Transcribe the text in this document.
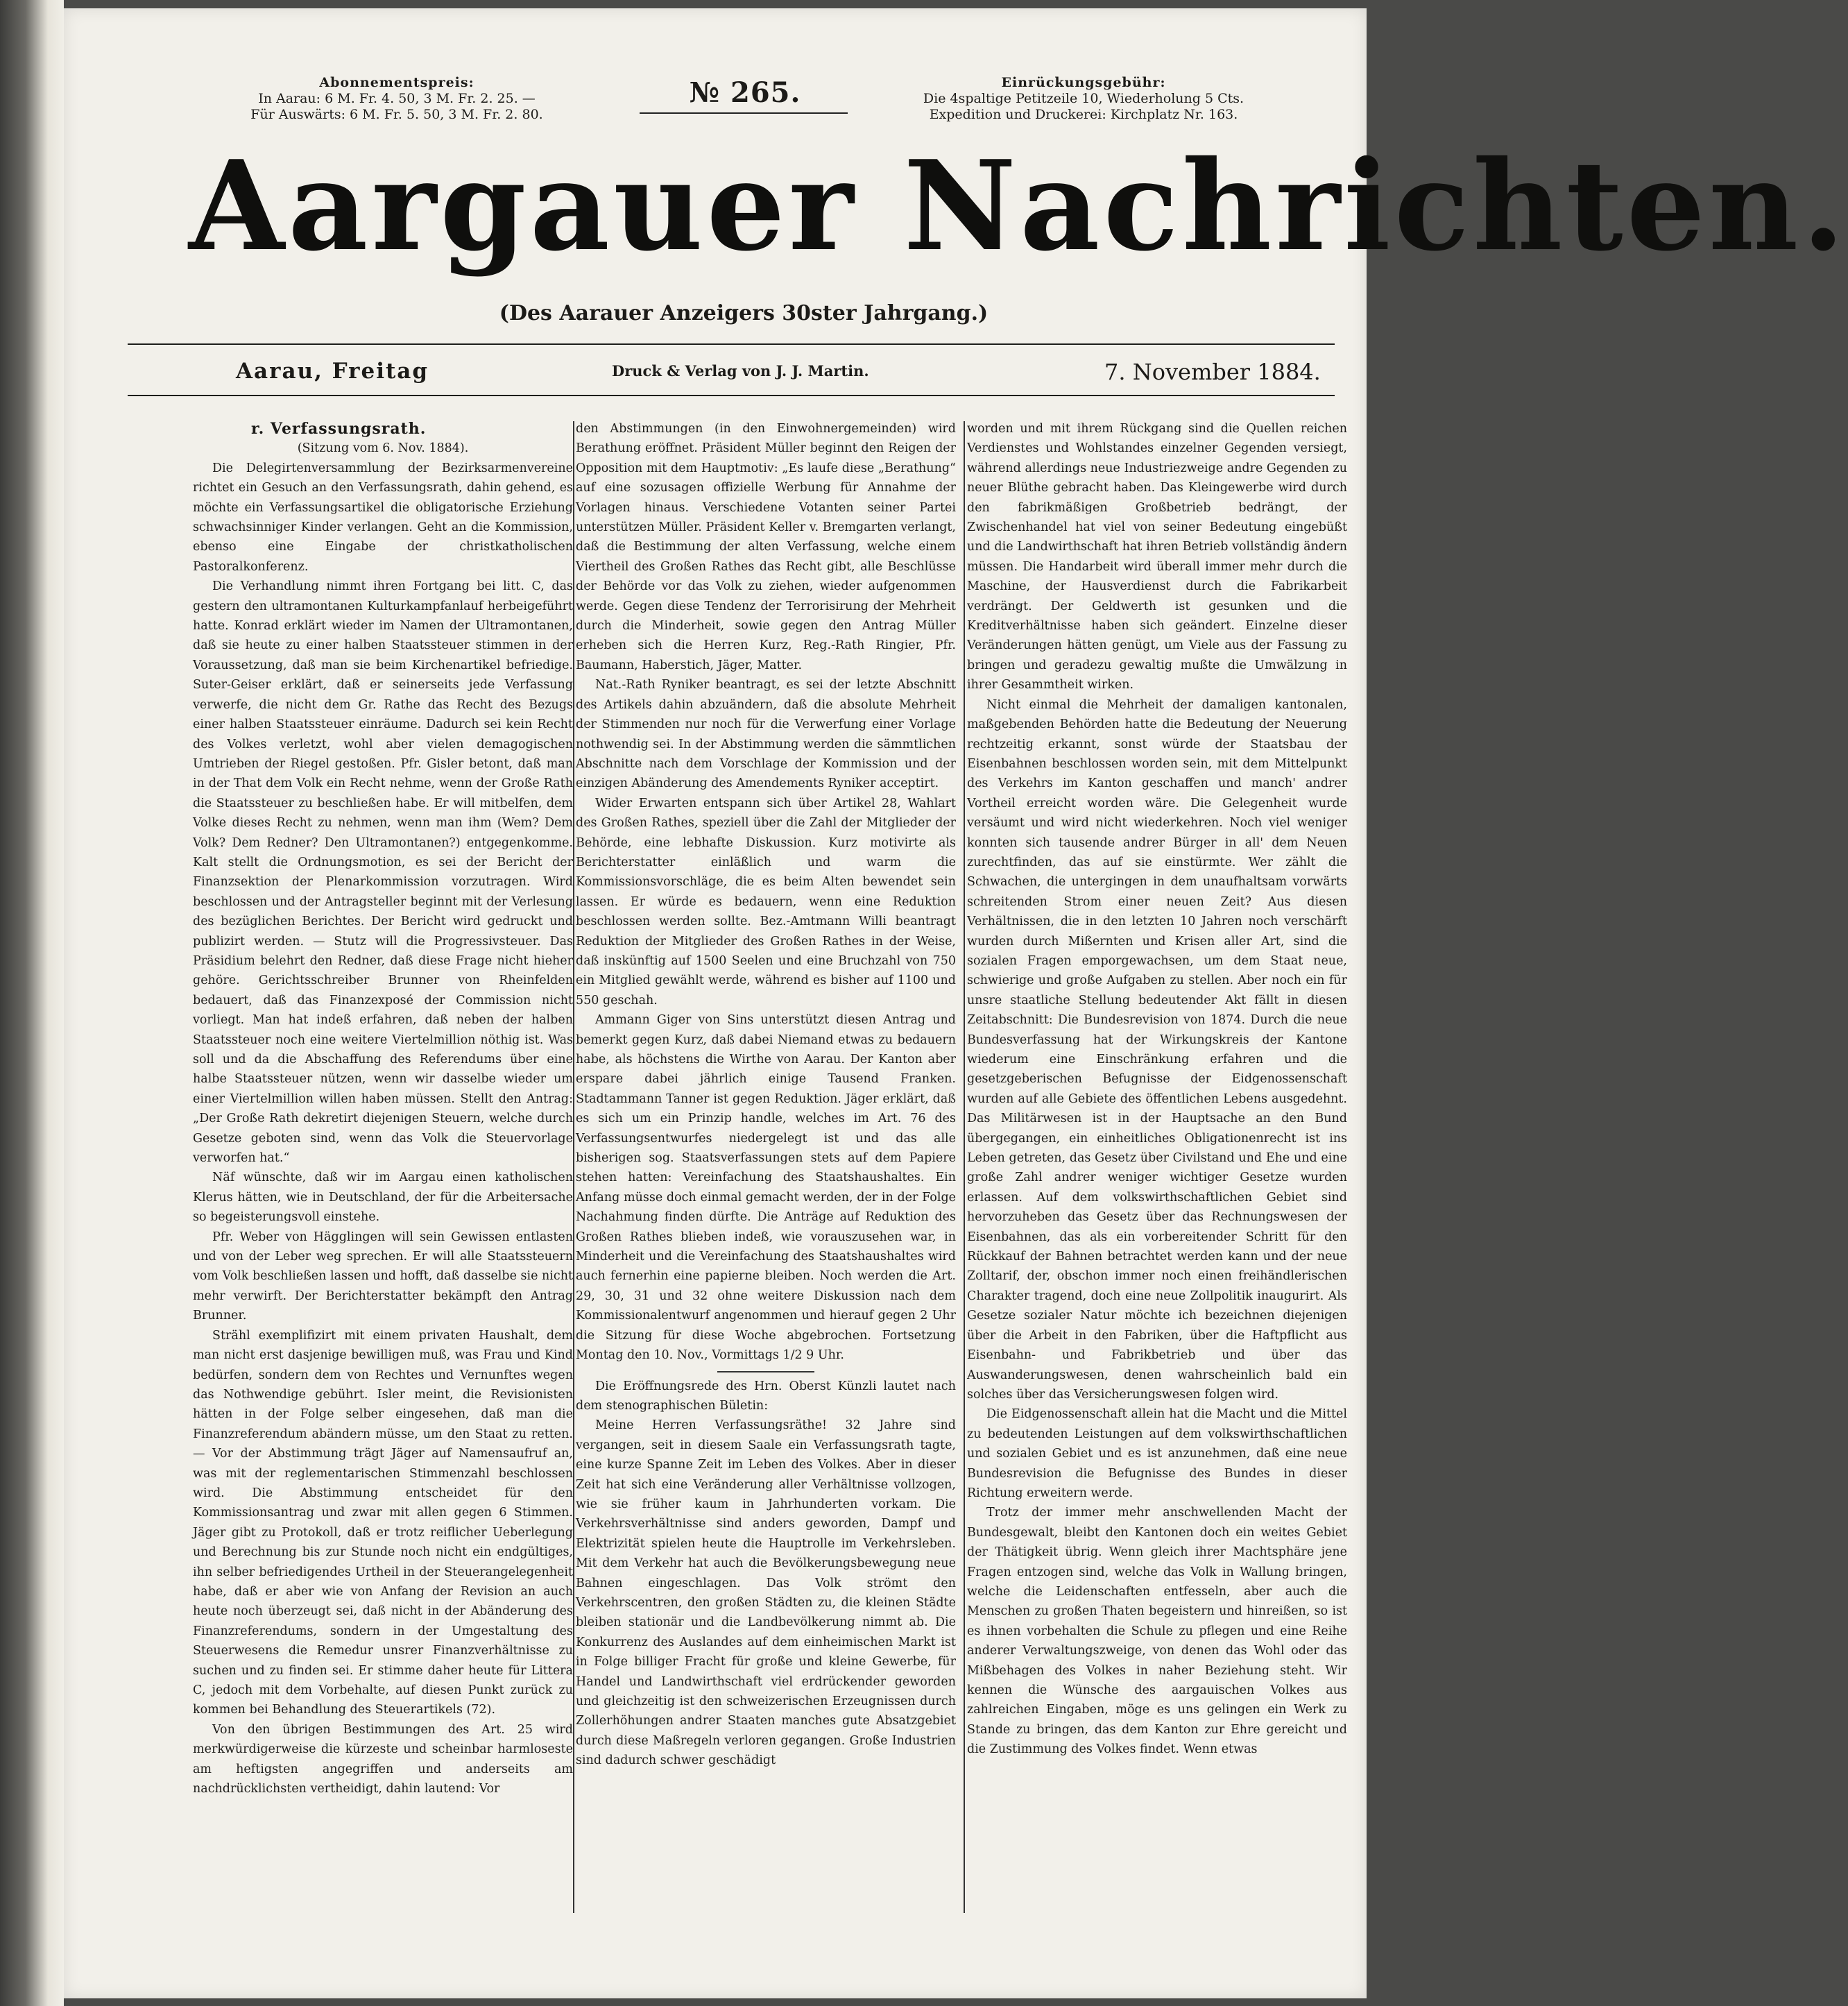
Abonnementspreis:
In Aarau: 6 M. Fr. 4. 50, 3 M. Fr. 2. 25. —
Für Auswärts: 6 M. Fr. 5. 50, 3 M. Fr. 2. 80.
№ 265.	Einrückungsgebühr:
Die 4spaltige Petitzeile 10, Wiederholung 5 Cts.
Expedition und Druckerei: Kirchplatz Nr. 163.
Aargauer Nachrichten.
(Des Aarauer Anzeigers 30ster Jahrgang.)
Aarau, Freitag	Druck & Verlag von J. J. Martin.	7. November 1884.

r. Verfassungsrath.

(Sitzung vom 6. Nov. 1884).

Die Delegirtenversammlung der Bezirksarmenvereine richtet ein Gesuch an den Verfassungsrath, dahin gehend, es möchte ein Verfassungsartikel die obligatorische Erziehung schwachsinniger Kinder verlangen. Geht an die Kommission, ebenso eine Eingabe der christkatholischen Pastoralkonferenz.

Die Verhandlung nimmt ihren Fortgang bei litt. C, das gestern den ultramontanen Kulturkampfanlauf herbeigeführt hatte. Konrad erklärt wieder im Namen der Ultramontanen, daß sie heute zu einer halben Staatssteuer stimmen in der Voraussetzung, daß man sie beim Kirchenartikel befriedige. Suter-Geiser erklärt, daß er seinerseits jede Verfassung verwerfe, die nicht dem Gr. Rathe das Recht des Bezugs einer halben Staatssteuer einräume. Dadurch sei kein Recht des Volkes verletzt, wohl aber vielen demagogischen Umtrieben der Riegel gestoßen. Pfr. Gisler betont, daß man in der That dem Volk ein Recht nehme, wenn der Große Rath die Staatssteuer zu beschließen habe. Er will mitbelfen, dem Volke dieses Recht zu nehmen, wenn man ihm (Wem? Dem Volk? Dem Redner? Den Ultramontanen?) entgegenkomme. Kalt stellt die Ordnungsmotion, es sei der Bericht der Finanzsektion der Plenarkommission vorzutragen. Wird beschlossen und der Antragsteller beginnt mit der Verlesung des bezüglichen Berichtes. Der Bericht wird gedruckt und publizirt werden. — Stutz will die Progressivsteuer. Das Präsidium belehrt den Redner, daß diese Frage nicht hieher gehöre. Gerichtsschreiber Brunner von Rheinfelden bedauert, daß das Finanzexposé der Commission nicht vorliegt. Man hat indeß erfahren, daß neben der halben Staatssteuer noch eine weitere Viertelmillion nöthig ist. Was soll und da die Abschaffung des Referendums über eine halbe Staatssteuer nützen, wenn wir dasselbe wieder um einer Viertelmillion willen haben müssen. Stellt den Antrag: „Der Große Rath dekretirt diejenigen Steuern, welche durch Gesetze geboten sind, wenn das Volk die Steuervorlage verworfen hat.“

Näf wünschte, daß wir im Aargau einen katholischen Klerus hätten, wie in Deutschland, der für die Arbeitersache so begeisterungsvoll einstehe.

Pfr. Weber von Hägglingen will sein Gewissen entlasten und von der Leber weg sprechen. Er will alle Staatssteuern vom Volk beschließen lassen und hofft, daß dasselbe sie nicht mehr verwirft. Der Berichterstatter bekämpft den Antrag Brunner.

Strähl exemplifizirt mit einem privaten Haushalt, dem man nicht erst dasjenige bewilligen muß, was Frau und Kind bedürfen, sondern dem von Rechtes und Vernunftes wegen das Nothwendige gebührt. Isler meint, die Revisionisten hätten in der Folge selber eingesehen, daß man die Finanzreferendum abändern müsse, um den Staat zu retten. — Vor der Abstimmung trägt Jäger auf Namensaufruf an, was mit der reglementarischen Stimmenzahl beschlossen wird. Die Abstimmung entscheidet für den Kommissionsantrag und zwar mit allen gegen 6 Stimmen. Jäger gibt zu Protokoll, daß er trotz reiflicher Ueberlegung und Berechnung bis zur Stunde noch nicht ein endgültiges, ihn selber befriedigendes Urtheil in der Steuerangelegenheit habe, daß er aber wie von Anfang der Revision an auch heute noch überzeugt sei, daß nicht in der Abänderung des Finanzreferendums, sondern in der Umgestaltung des Steuerwesens die Remedur unsrer Finanzverhältnisse zu suchen und zu finden sei. Er stimme daher heute für Littera C, jedoch mit dem Vorbehalte, auf diesen Punkt zurück zu kommen bei Behandlung des Steuerartikels (72).

Von den übrigen Bestimmungen des Art. 25 wird merkwürdigerweise die kürzeste und scheinbar harmloseste am heftigsten angegriffen und anderseits am nachdrücklichsten vertheidigt, dahin lautend: Vor

den Abstimmungen (in den Einwohnergemeinden) wird Berathung eröffnet. Präsident Müller beginnt den Reigen der Opposition mit dem Hauptmotiv: „Es laufe diese „Berathung“ auf eine sozusagen offizielle Werbung für Annahme der Vorlagen hinaus. Verschiedene Votanten seiner Partei unterstützen Müller. Präsident Keller v. Bremgarten verlangt, daß die Bestimmung der alten Verfassung, welche einem Viertheil des Großen Rathes das Recht gibt, alle Beschlüsse der Behörde vor das Volk zu ziehen, wieder aufgenommen werde. Gegen diese Tendenz der Terrorisirung der Mehrheit durch die Minderheit, sowie gegen den Antrag Müller erheben sich die Herren Kurz, Reg.-Rath Ringier, Pfr. Baumann, Haberstich, Jäger, Matter.

Nat.-Rath Ryniker beantragt, es sei der letzte Abschnitt des Artikels dahin abzuändern, daß die absolute Mehrheit der Stimmenden nur noch für die Verwerfung einer Vorlage nothwendig sei. In der Abstimmung werden die sämmtlichen Abschnitte nach dem Vorschlage der Kommission und der einzigen Abänderung des Amendements Ryniker acceptirt.

Wider Erwarten entspann sich über Artikel 28, Wahlart des Großen Rathes, speziell über die Zahl der Mitglieder der Behörde, eine lebhafte Diskussion. Kurz motivirte als Berichterstatter einläßlich und warm die Kommissionsvorschläge, die es beim Alten bewendet sein lassen. Er würde es bedauern, wenn eine Reduktion beschlossen werden sollte. Bez.-Amtmann Willi beantragt Reduktion der Mitglieder des Großen Rathes in der Weise, daß inskünftig auf 1500 Seelen und eine Bruchzahl von 750 ein Mitglied gewählt werde, während es bisher auf 1100 und 550 geschah.

Ammann Giger von Sins unterstützt diesen Antrag und bemerkt gegen Kurz, daß dabei Niemand etwas zu bedauern habe, als höchstens die Wirthe von Aarau. Der Kanton aber erspare dabei jährlich einige Tausend Franken. Stadtammann Tanner ist gegen Reduktion. Jäger erklärt, daß es sich um ein Prinzip handle, welches im Art. 76 des Verfassungsentwurfes niedergelegt ist und das alle bisherigen sog. Staatsverfassungen stets auf dem Papiere stehen hatten: Vereinfachung des Staatshaushaltes. Ein Anfang müsse doch einmal gemacht werden, der in der Folge Nachahmung finden dürfte. Die Anträge auf Reduktion des Großen Rathes blieben indeß, wie vorauszusehen war, in Minderheit und die Vereinfachung des Staatshaushaltes wird auch fernerhin eine papierne bleiben. Noch werden die Art. 29, 30, 31 und 32 ohne weitere Diskussion nach dem Kommissionalentwurf angenommen und hierauf gegen 2 Uhr die Sitzung für diese Woche abgebrochen. Fortsetzung Montag den 10. Nov., Vormittags 1/2 9 Uhr.

Die Eröffnungsrede des Hrn. Oberst Künzli lautet nach dem stenographischen Bületin:

Meine Herren Verfassungsräthe! 32 Jahre sind vergangen, seit in diesem Saale ein Verfassungsrath tagte, eine kurze Spanne Zeit im Leben des Volkes. Aber in dieser Zeit hat sich eine Veränderung aller Verhältnisse vollzogen, wie sie früher kaum in Jahrhunderten vorkam. Die Verkehrsverhältnisse sind anders geworden, Dampf und Elektrizität spielen heute die Hauptrolle im Verkehrsleben. Mit dem Verkehr hat auch die Bevölkerungsbewegung neue Bahnen eingeschlagen. Das Volk strömt den Verkehrscentren, den großen Städten zu, die kleinen Städte bleiben stationär und die Landbevölkerung nimmt ab. Die Konkurrenz des Auslandes auf dem einheimischen Markt ist in Folge billiger Fracht für große und kleine Gewerbe, für Handel und Landwirthschaft viel erdrückender geworden und gleichzeitig ist den schweizerischen Erzeugnissen durch Zollerhöhungen andrer Staaten manches gute Absatzgebiet durch diese Maßregeln verloren gegangen. Große Industrien sind dadurch schwer geschädigt

worden und mit ihrem Rückgang sind die Quellen reichen Verdienstes und Wohlstandes einzelner Gegenden versiegt, während allerdings neue Industriezweige andre Gegenden zu neuer Blüthe gebracht haben. Das Kleingewerbe wird durch den fabrikmäßigen Großbetrieb bedrängt, der Zwischenhandel hat viel von seiner Bedeutung eingebüßt und die Landwirthschaft hat ihren Betrieb vollständig ändern müssen. Die Handarbeit wird überall immer mehr durch die Maschine, der Hausverdienst durch die Fabrikarbeit verdrängt. Der Geldwerth ist gesunken und die Kreditverhältnisse haben sich geändert. Einzelne dieser Veränderungen hätten genügt, um Viele aus der Fassung zu bringen und geradezu gewaltig mußte die Umwälzung in ihrer Gesammtheit wirken.

Nicht einmal die Mehrheit der damaligen kantonalen, maßgebenden Behörden hatte die Bedeutung der Neuerung rechtzeitig erkannt, sonst würde der Staatsbau der Eisenbahnen beschlossen worden sein, mit dem Mittelpunkt des Verkehrs im Kanton geschaffen und manch' andrer Vortheil erreicht worden wäre. Die Gelegenheit wurde versäumt und wird nicht wiederkehren. Noch viel weniger konnten sich tausende andrer Bürger in all' dem Neuen zurechtfinden, das auf sie einstürmte. Wer zählt die Schwachen, die untergingen in dem unaufhaltsam vorwärts schreitenden Strom einer neuen Zeit? Aus diesen Verhältnissen, die in den letzten 10 Jahren noch verschärft wurden durch Mißernten und Krisen aller Art, sind die sozialen Fragen emporgewachsen, um dem Staat neue, schwierige und große Aufgaben zu stellen. Aber noch ein für unsre staatliche Stellung bedeutender Akt fällt in diesen Zeitabschnitt: Die Bundesrevision von 1874. Durch die neue Bundesverfassung hat der Wirkungskreis der Kantone wiederum eine Einschränkung erfahren und die gesetzgeberischen Befugnisse der Eidgenossenschaft wurden auf alle Gebiete des öffentlichen Lebens ausgedehnt. Das Militärwesen ist in der Hauptsache an den Bund übergegangen, ein einheitliches Obligationenrecht ist ins Leben getreten, das Gesetz über Civilstand und Ehe und eine große Zahl andrer weniger wichtiger Gesetze wurden erlassen. Auf dem volkswirthschaftlichen Gebiet sind hervorzuheben das Gesetz über das Rechnungswesen der Eisenbahnen, das als ein vorbereitender Schritt für den Rückkauf der Bahnen betrachtet werden kann und der neue Zolltarif, der, obschon immer noch einen freihändlerischen Charakter tragend, doch eine neue Zollpolitik inaugurirt. Als Gesetze sozialer Natur möchte ich bezeichnen diejenigen über die Arbeit in den Fabriken, über die Haftpflicht aus Eisenbahn- und Fabrikbetrieb und über das Auswanderungswesen, denen wahrscheinlich bald ein solches über das Versicherungswesen folgen wird.

Die Eidgenossenschaft allein hat die Macht und die Mittel zu bedeutenden Leistungen auf dem volkswirthschaftlichen und sozialen Gebiet und es ist anzunehmen, daß eine neue Bundesrevision die Befugnisse des Bundes in dieser Richtung erweitern werde.

Trotz der immer mehr anschwellenden Macht der Bundesgewalt, bleibt den Kantonen doch ein weites Gebiet der Thätigkeit übrig. Wenn gleich ihrer Machtsphäre jene Fragen entzogen sind, welche das Volk in Wallung bringen, welche die Leidenschaften entfesseln, aber auch die Menschen zu großen Thaten begeistern und hinreißen, so ist es ihnen vorbehalten die Schule zu pflegen und eine Reihe anderer Verwaltungszweige, von denen das Wohl oder das Mißbehagen des Volkes in naher Beziehung steht. Wir kennen die Wünsche des aargauischen Volkes aus zahlreichen Eingaben, möge es uns gelingen ein Werk zu Stande zu bringen, das dem Kanton zur Ehre gereicht und die Zustimmung des Volkes findet. Wenn etwas
